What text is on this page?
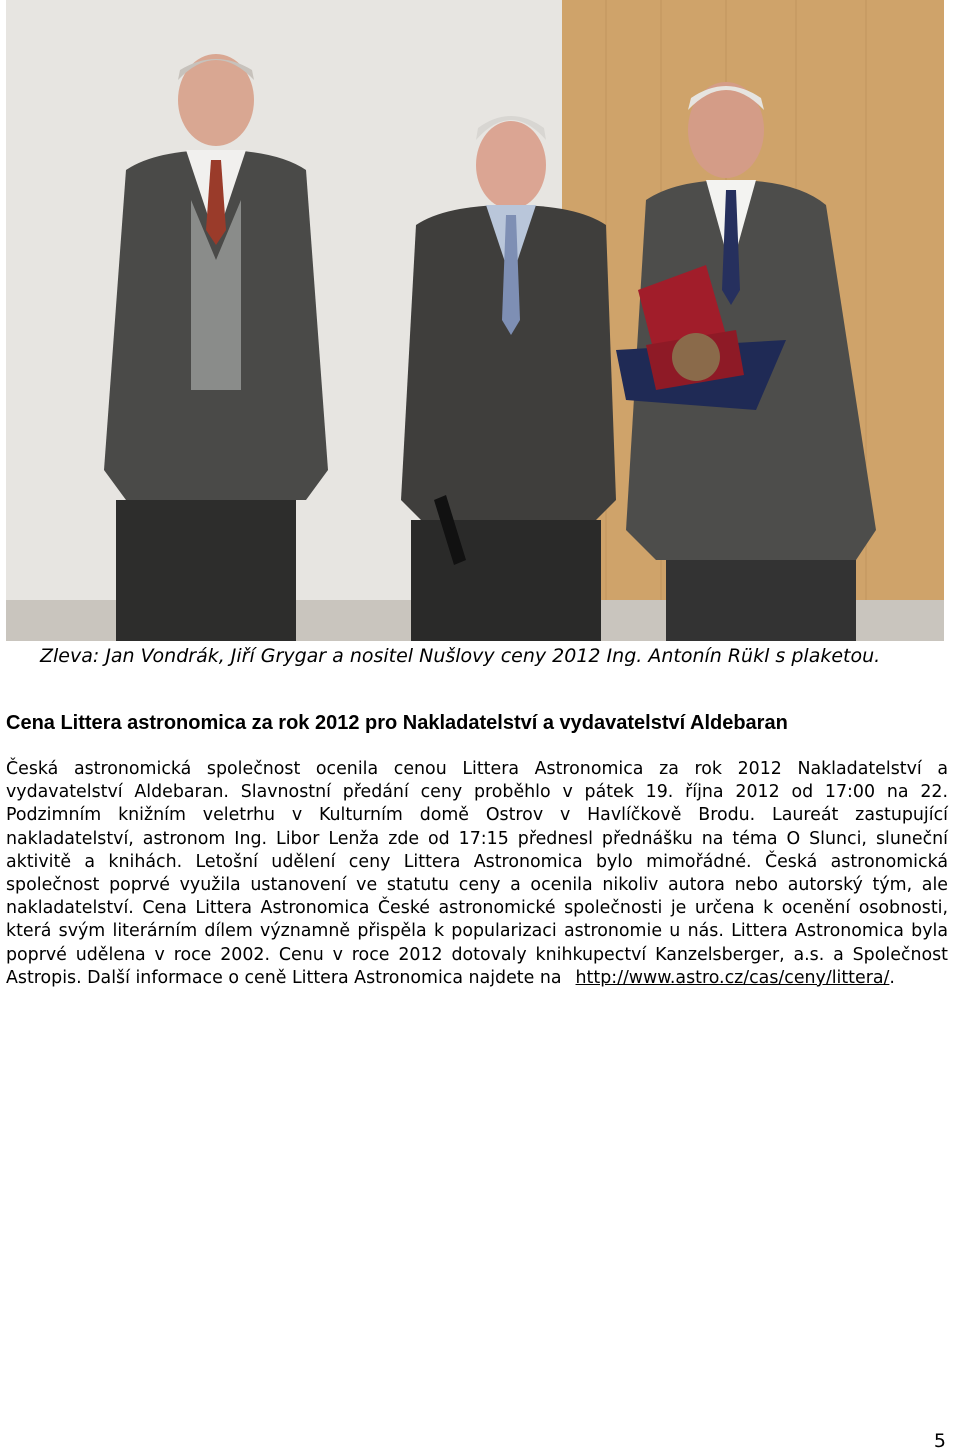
Zleva: Jan Vondrák, Jiří Grygar a nositel Nušlovy ceny 2012 Ing. Antonín Rükl s plaketou.
Cena Littera astronomica za rok 2012 pro Nakladatelství a vydavatelství Aldebaran
Česká astronomická společnost ocenila cenou Littera Astronomica za rok 2012 Nakladatelství a vydavatelství Aldebaran. Slavnostní předání ceny proběhlo v pátek 19. října 2012 od 17:00 na 22. Podzimním knižním veletrhu v Kulturním domě Ostrov v Havlíčkově Brodu. Laureát zastupující nakladatelství, astronom Ing. Libor Lenža zde od 17:15 přednesl přednášku na téma O Slunci, sluneční aktivitě a knihách. Letošní udělení ceny Littera Astronomica bylo mimořádné. Česká astronomická společnost poprvé využila ustanovení ve statutu ceny a ocenila nikoliv autora nebo autorský tým, ale nakladatelství. Cena Littera Astronomica České astronomické společnosti je určena k ocenění osobnosti, která svým literárním dílem významně přispěla k popularizaci astronomie u nás. Littera Astronomica byla poprvé udělena v roce 2002. Cenu v roce 2012 dotovaly knihkupectví Kanzelsberger, a.s. a Společnost Astropis. Další informace o ceně Littera Astronomica najdete na http://www.astro.cz/cas/ceny/littera/.
5
